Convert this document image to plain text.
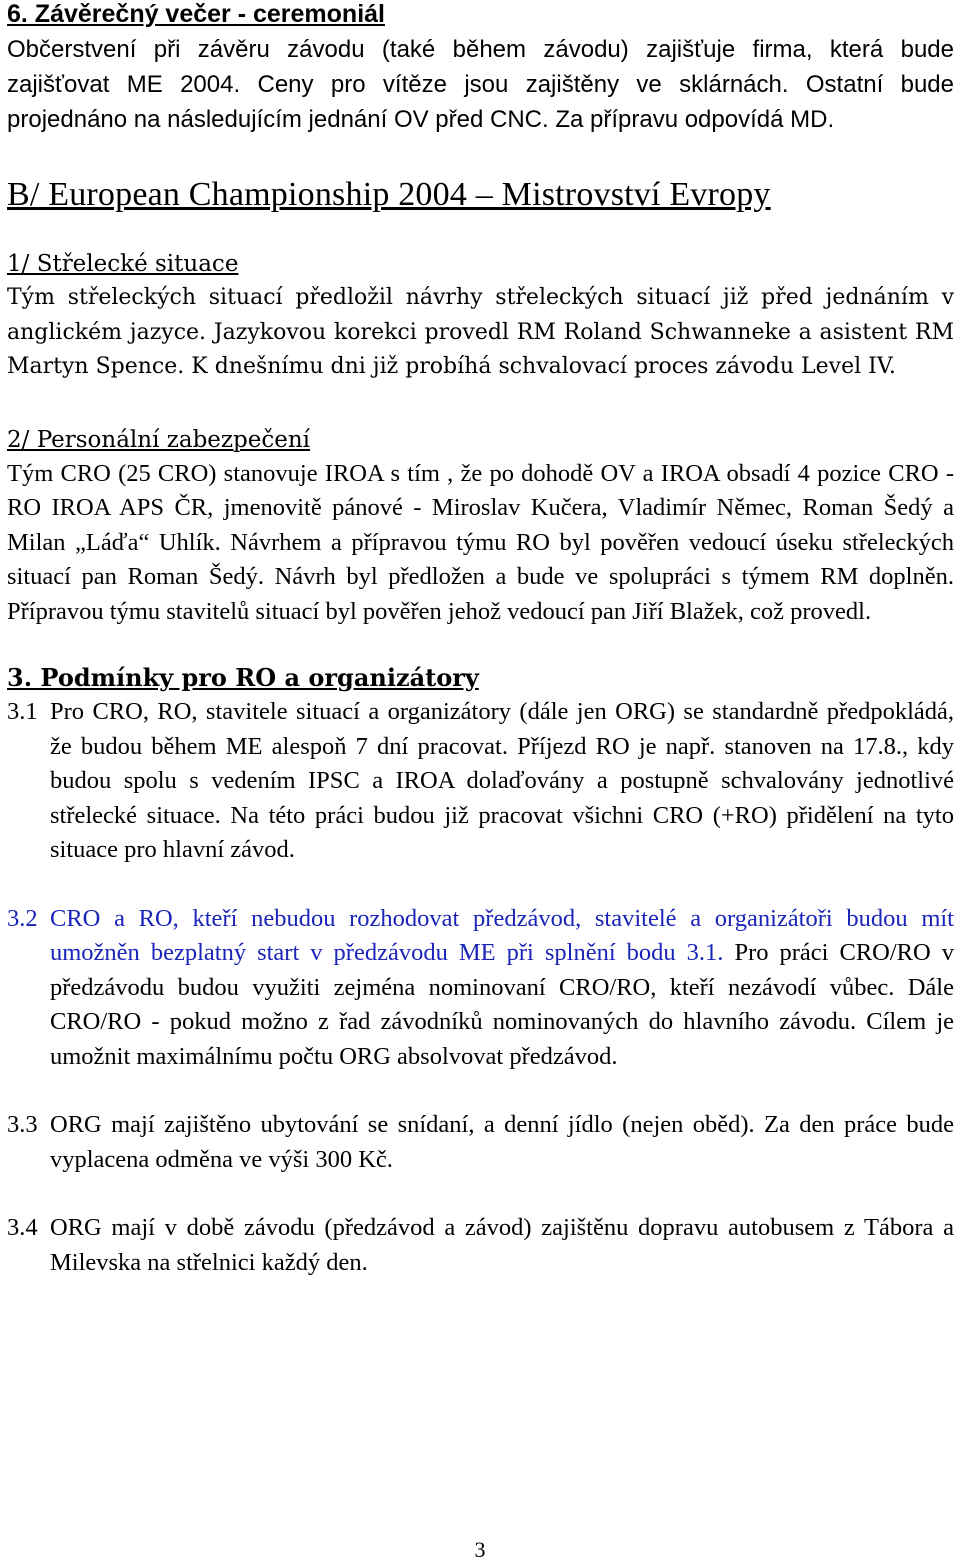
6. Závěrečný večer - ceremoniál

Občerstvení při závěru závodu (také během závodu) zajišťuje firma, která bude zajišťovat ME 2004. Ceny pro vítěze jsou zajištěny ve sklárnách. Ostatní bude projednáno na následujícím jednání OV před CNC. Za přípravu odpovídá MD.

B/ European Championship 2004 – Mistrovství Evropy

1/ Střelecké situace

Tým střeleckých situací předložil návrhy střeleckých situací již před jednáním v anglickém jazyce. Jazykovou korekci provedl RM Roland Schwanneke a asistent RM Martyn Spence. K dnešnímu dni již probíhá schvalovací proces závodu Level IV.

2/ Personální zabezpečení

Tým CRO (25 CRO) stanovuje IROA s tím , že po dohodě OV a IROA obsadí 4 pozice CRO - RO IROA APS ČR, jmenovitě pánové - Miroslav Kučera, Vladimír Němec, Roman Šedý a Milan „Láďa“ Uhlík. Návrhem a přípravou týmu RO byl pověřen vedoucí úseku střeleckých situací pan Roman Šedý. Návrh byl předložen a bude ve spolupráci s týmem RM doplněn. Přípravou týmu stavitelů situací byl pověřen jehož vedoucí pan Jiří Blažek, což provedl.

3. Podmínky pro RO a organizátory

3.1 Pro CRO, RO, stavitele situací a organizátory (dále jen ORG) se standardně předpokládá, že budou během ME alespoň 7 dní pracovat. Příjezd RO je např. stanoven na 17.8., kdy budou spolu s vedením IPSC a IROA dolaďovány a postupně schvalovány jednotlivé střelecké situace. Na této práci budou již pracovat všichni CRO (+RO) přidělení na tyto situace pro hlavní závod.
3.2 CRO a RO, kteří nebudou rozhodovat předzávod, stavitelé a organizátoři budou mít umožněn bezplatný start v předzávodu ME při splnění bodu 3.1. Pro práci CRO/RO v předzávodu budou využiti zejména nominovaní CRO/RO, kteří nezávodí vůbec. Dále CRO/RO - pokud možno z řad závodníků nominovaných do hlavního závodu. Cílem je umožnit maximálnímu počtu ORG absolvovat předzávod.
3.3 ORG mají zajištěno ubytování se snídaní, a denní jídlo (nejen oběd). Za den práce bude vyplacena odměna ve výši 300 Kč.
3.4 ORG mají v době závodu (předzávod a závod) zajištěnu dopravu autobusem z Tábora a Milevska na střelnici každý den.
3
